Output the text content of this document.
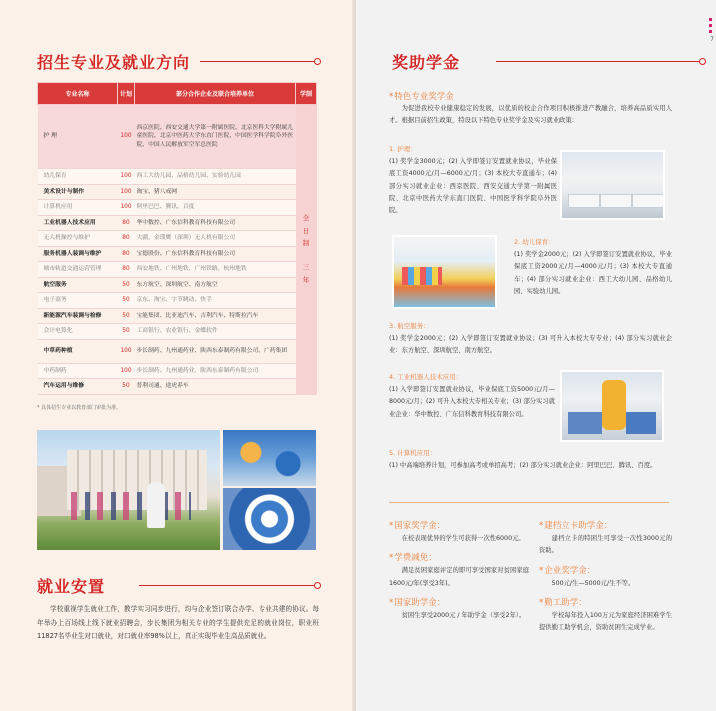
招生专业及就业方向
专业名称	计划	部分合作企业及联合培养单位	学制
护 理	100	西京医院、西安交通大学第一附属医院、北京医科大学附属儿童医院、北京中医药大学东直门医院、中国医学科学院阜外医院、中国人民解放军空军总医院	全
日
制
三
年

幼儿保育	100	西工大幼儿园、品格幼儿园、实验幼儿园	
美术设计与制作	100	淘宝、猪八戒网	
计算机应用	100	阿里巴巴、腾讯、百度	
工业机器人技术应用	80	华中数控、广东信科教育科技有限公司	
无人机操控与维护	80	大疆、金璞鹰（深圳）无人机有限公司	
服务机器人装调与维护	80	宝德股份、广东信科教育科技有限公司	
城市轨道交通运营管理	80	西安地铁、广州地铁、广州铁路、杭州地铁	
航空服务	50	东方航空、深圳航空、南方航空	
电子商务	50	京东、淘宝、字节跳动、快手	
新能源汽车装调与检修	50	宝能集团、比亚迪汽车、吉利汽车、特斯拉汽车	
会计电算化	50	工商银行、农业银行、金蝶软件	
中草药种植	100	步长制药、九州通药业、陕西东泰制药有限公司、广药集团	
中药制药	100	步长制药、九州通药业、陕西东泰制药有限公司	
汽车运用与维修	50	普利司通、途虎养车	
* 具体招生专业以教育部门审批为准。
就业安置
学校重视学生就业工作，教学实习同步进行，均与企业签订联合办学、专业共建的协议。每年举办上百场线上线下就业招聘会，步长集团为相关专业的学生提供充足的就业岗位，职业班11827名毕业生对口就业，对口就业率98%以上，真正实现毕业生高品质就业。
奖助学金
7
*特色专业奖学金
为促进我校专业健康稳定的发展，以优质的校企合作项目积极推进产教融合，培养高品质实用人才。根据目前招生政策，特设以下特色专业奖学金及实习就业政策：
1. 护理：
(1) 奖学金3000元；(2) 入学即签订安置就业协议，毕业保底工资4000元/月—6000元/月；(3) 本校大专直通车；(4) 部分实习就业企业：西京医院、西安交通大学第一附属医院、北京中医药大学东直门医院、中国医学科学院阜外医院。
2. 幼儿保育：
(1) 奖学金2000元；(2) 入学即签订安置就业协议，毕业保底工资2000元/月—4000元/月；(3) 本校大专直通车；(4) 部分实习就业企业：西工大幼儿园、品格幼儿园、实验幼儿园。
3. 航空服务：
(1) 奖学金2000元；(2) 入学即签订安置就业协议；(3) 可升入本校大专专业；(4) 部分实习就业企业：东方航空、深圳航空、南方航空。
4. 工业机器人技术应用：
(1) 入学即签订安置就业协议，毕业保底工资5000元/月—8000元/月；(2) 可升入本校大专相关专业；(3) 部分实习就业企业：华中数控、广东信科教育科技有限公司。
5. 计算机应用：
(1) 中高端培养计划，可参加高考或单招高考；(2) 部分实习就业企业：阿里巴巴、腾讯、百度。
*国家奖学金：
在校表现优异的学生可获得一次性6000元。
*学费减免：
满足贫困家庭评定的即可享受国家对贫困家庭1600元/年(享受3年)。
*国家助学金：
贫困生享受2000元 / 年助学金（享受2年）。
*建档立卡助学金：
建档立卡的特困生可享受一次性3000元的资助。
*企业奖学金：
500元/生—5000元/生不等。
*勤工助学：
学校每年投入100万元为家庭经济困难学生提供勤工助学机会，资助贫困生完成学业。
